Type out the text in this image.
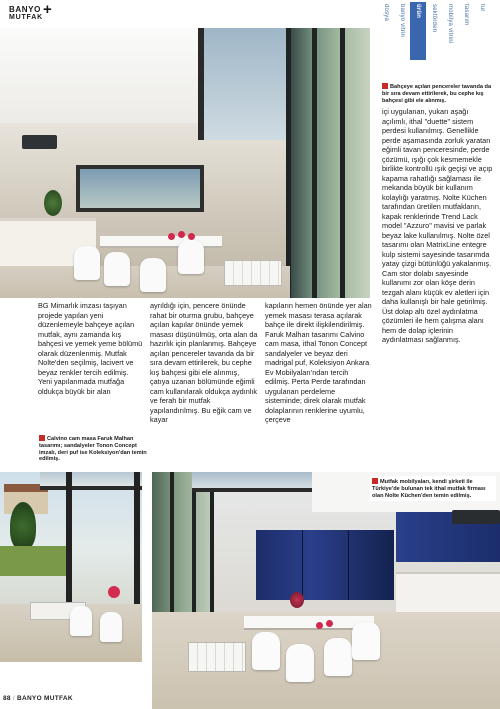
BANYO
MUTFAK +	dosya banyo vitrin ürün sektörden mobilya vitrini tasarım tur
Bahçeye açılan pencereler tavanda da bir sıra devam ettirilerek, bu cephe kış bahçesi gibi ele alınmış.
Calvino cam masa Faruk Malhan tasarımı; sandalyeler Tonon Concept imzalı, deri puf ise Koleksiyon'dan temin edilmiş.
Mutfak mobilyaları, kendi şirketi ile Türkiye'de bulunan tek ithal mutfak firması olan Nolte Küchen'den temin edilmiş.

BG Mimarlık imzası taşıyan projede yapılan yeni düzenlemeyle bahçeye açılan mutfak, aynı zamanda kış bahçesi ve yemek yeme bölümü olarak düzenlenmiş. Mutfak Nolte'den seçilmiş, lacivert ve beyaz renkler tercih edilmiş. Yeni yapılanmada mutfağa oldukça büyük bir alan

ayrıldığı için, pencere önünde rahat bir oturma grubu, bahçeye açılan kapılar önünde yemek masası düşünülmüş, orta alan da hazırlık için planlanmış. Bahçeye açılan pencereler tavanda da bir sıra devam ettirilerek, bu cephe kış bahçesi gibi ele alınmış, çatıya uzanan bölümünde eğimli cam kullanılarak oldukça aydınlık ve ferah bir mutfak yapılandırılmış. Bu eğik cam ve kayar

kapıların hemen önünde yer alan yemek masası terasa açılarak bahçe ile direkt ilişkilendirilmiş. Faruk Malhan tasarımı Calvino cam masa, ithal Tonon Concept sandalyeler ve beyaz deri madrigal puf, Koleksiyon Ankara Ev Mobilyaları'ndan tercih edilmiş. Perta Perde tarafından uygulanan perdeleme sisteminde; direk olarak mutfak dolaplarının renklerine uyumlu, çerçeve

içi uygulanan, yukarı aşağı açılımlı, ithal "duette" sistem perdesi kullanılmış. Genellikle perde aşamasında zorluk yaratan eğimli tavan penceresinde, perde çözümü, ışığı çok kesmemekle birlikte kontrollü ışık geçişi ve açıp kapama rahatlığı sağlaması ile mekanda büyük bir kullanım kolaylığı yaratmış. Nolte Küchen tarafından üretilen mutfakların, kapak renklerinde Trend Lack model "Azzuro" mavisi ve parlak beyaz lake kullanılmış. Nolte özel tasarımı olan MatrixLine entegre kulp sistemi sayesinde tasarımda yatay çizgi bütünlüğü yakalanmış. Cam stor dolabı sayesinde kullanımı zor olan köşe derin tezgah alanı küçük ev aletleri için daha kullanışlı bir hale getirilmiş. Üst dolap altı özel aydınlatma çözümleri ile hem çalışma alanı hem de dolap içlerinin aydınlatması sağlanmış.

88 / BANYO MUTFAK
